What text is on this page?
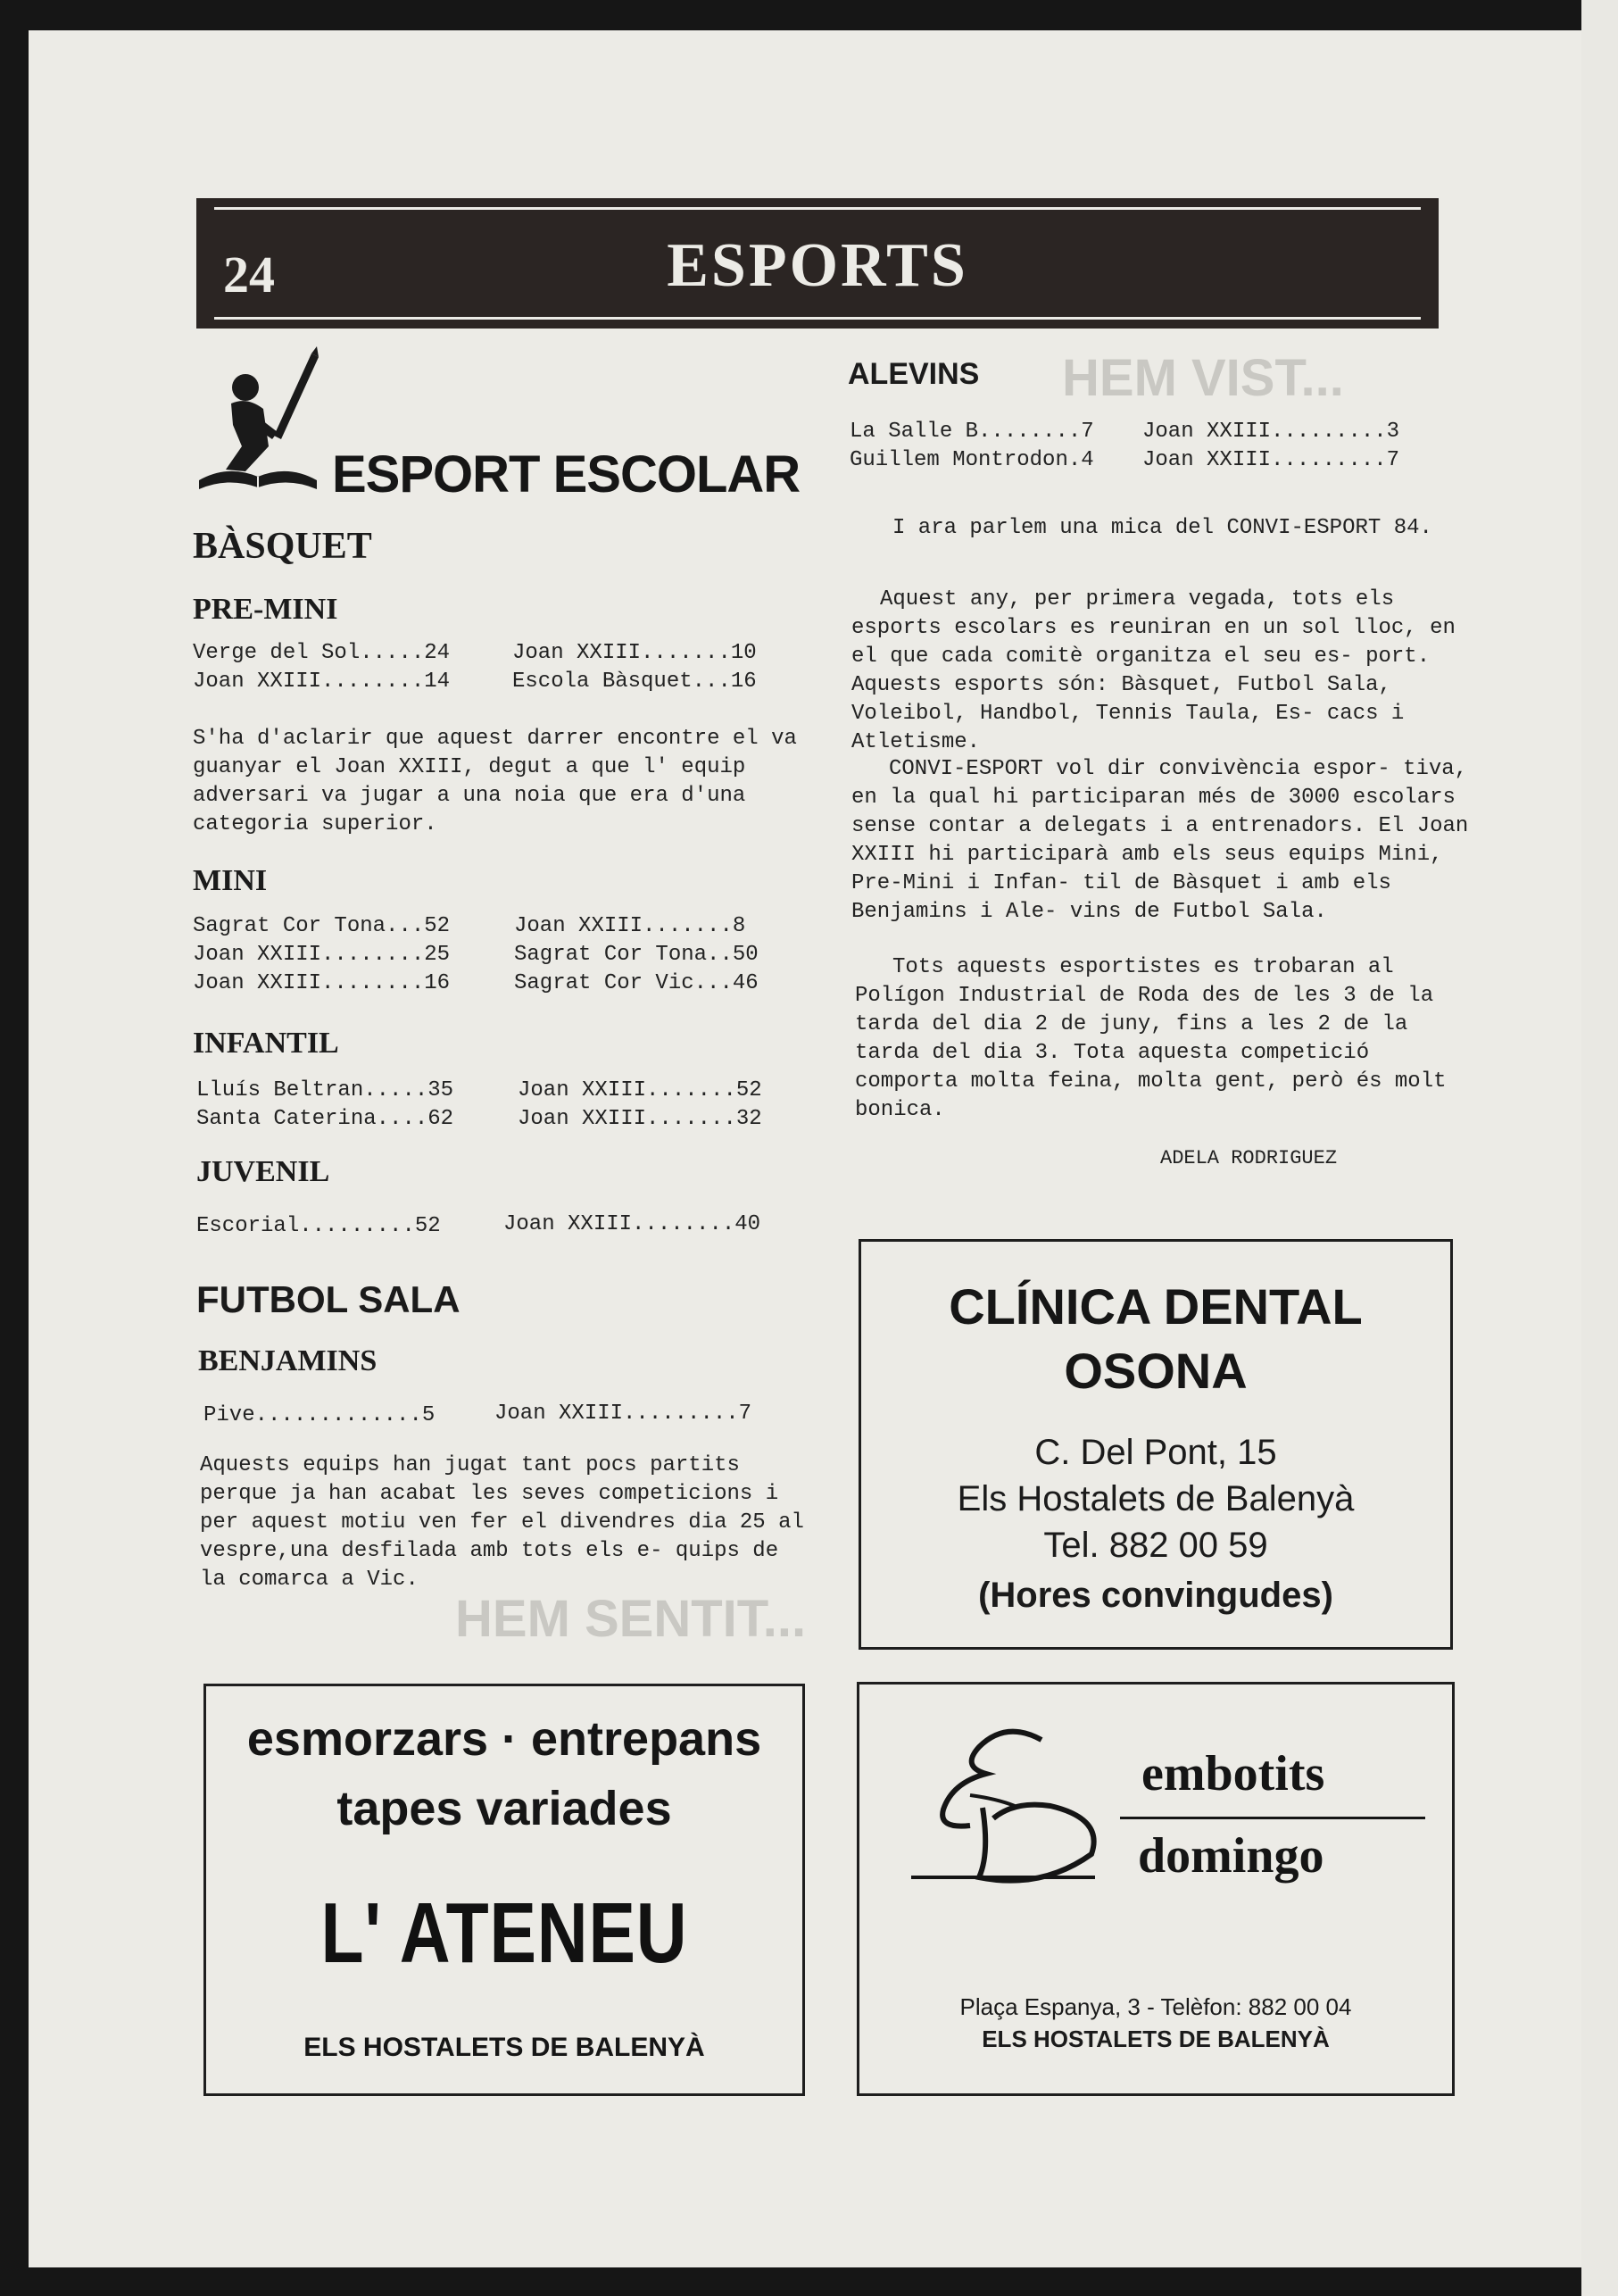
HEM VIST...
HEM SENTIT...
24	ESPORTS
ESPORT ESCOLAR
BÀSQUET
PRE-MINI
Verge del Sol.....24	Joan XXIII.......10
Joan XXIII........14	Escola Bàsquet...16
S'ha d'aclarir que aquest darrer encontre el va guanyar el Joan XXIII, degut a que l' equip adversari va jugar a una noia que era d'una categoria superior.
MINI
Sagrat Cor Tona...52	Joan XXIII.......8
Joan XXIII........25	Sagrat Cor Tona..50
Joan XXIII........16	Sagrat Cor Vic...46
INFANTIL
Lluís Beltran.....35	Joan XXIII.......52
Santa Caterina....62	Joan XXIII.......32
JUVENIL
Escorial.........52	Joan XXIII........40
FUTBOL SALA
BENJAMINS
Pive.............5	Joan XXIII.........7
Aquests equips han jugat tant pocs partits perque ja han acabat les seves competicions i per aquest motiu ven fer el divendres dia 25 al vespre,una desfilada amb tots els e- quips de la comarca a Vic.
ALEVINS
La Salle B........7 Joan XXIII.........3
Guillem Montrodon.4 Joan XXIII.........7
I ara parlem una mica del CONVI-ESPORT 84.
Aquest any, per primera vegada, tots els esports escolars es reuniran en un sol lloc, en el que cada comitè organitza el seu es- port. Aquests esports són: Bàsquet, Futbol Sala, Voleibol, Handbol, Tennis Taula, Es- cacs i Atletisme.
CONVI-ESPORT vol dir convivència espor- tiva, en la qual hi participaran més de 3000 escolars sense contar a delegats i a entrenadors. El Joan XXIII hi participarà amb els seus equips Mini, Pre-Mini i Infan- til de Bàsquet i amb els Benjamins i Ale- vins de Futbol Sala.
Tots aquests esportistes es trobaran al Polígon Industrial de Roda des de les 3 de la tarda del dia 2 de juny, fins a les 2 de la tarda del dia 3. Tota aquesta competició comporta molta feina, molta gent, però és molt bonica.
ADELA RODRIGUEZ
CLÍNICA DENTAL
OSONA
C. Del Pont, 15
Els Hostalets de Balenyà
Tel. 882 00 59
(Hores convingudes)
esmorzars · entrepans
tapes variades
L' ATENEU
ELS HOSTALETS DE BALENYÀ
embotits
domingo
Plaça Espanya, 3 - Telèfon: 882 00 04
ELS HOSTALETS DE BALENYÀ
